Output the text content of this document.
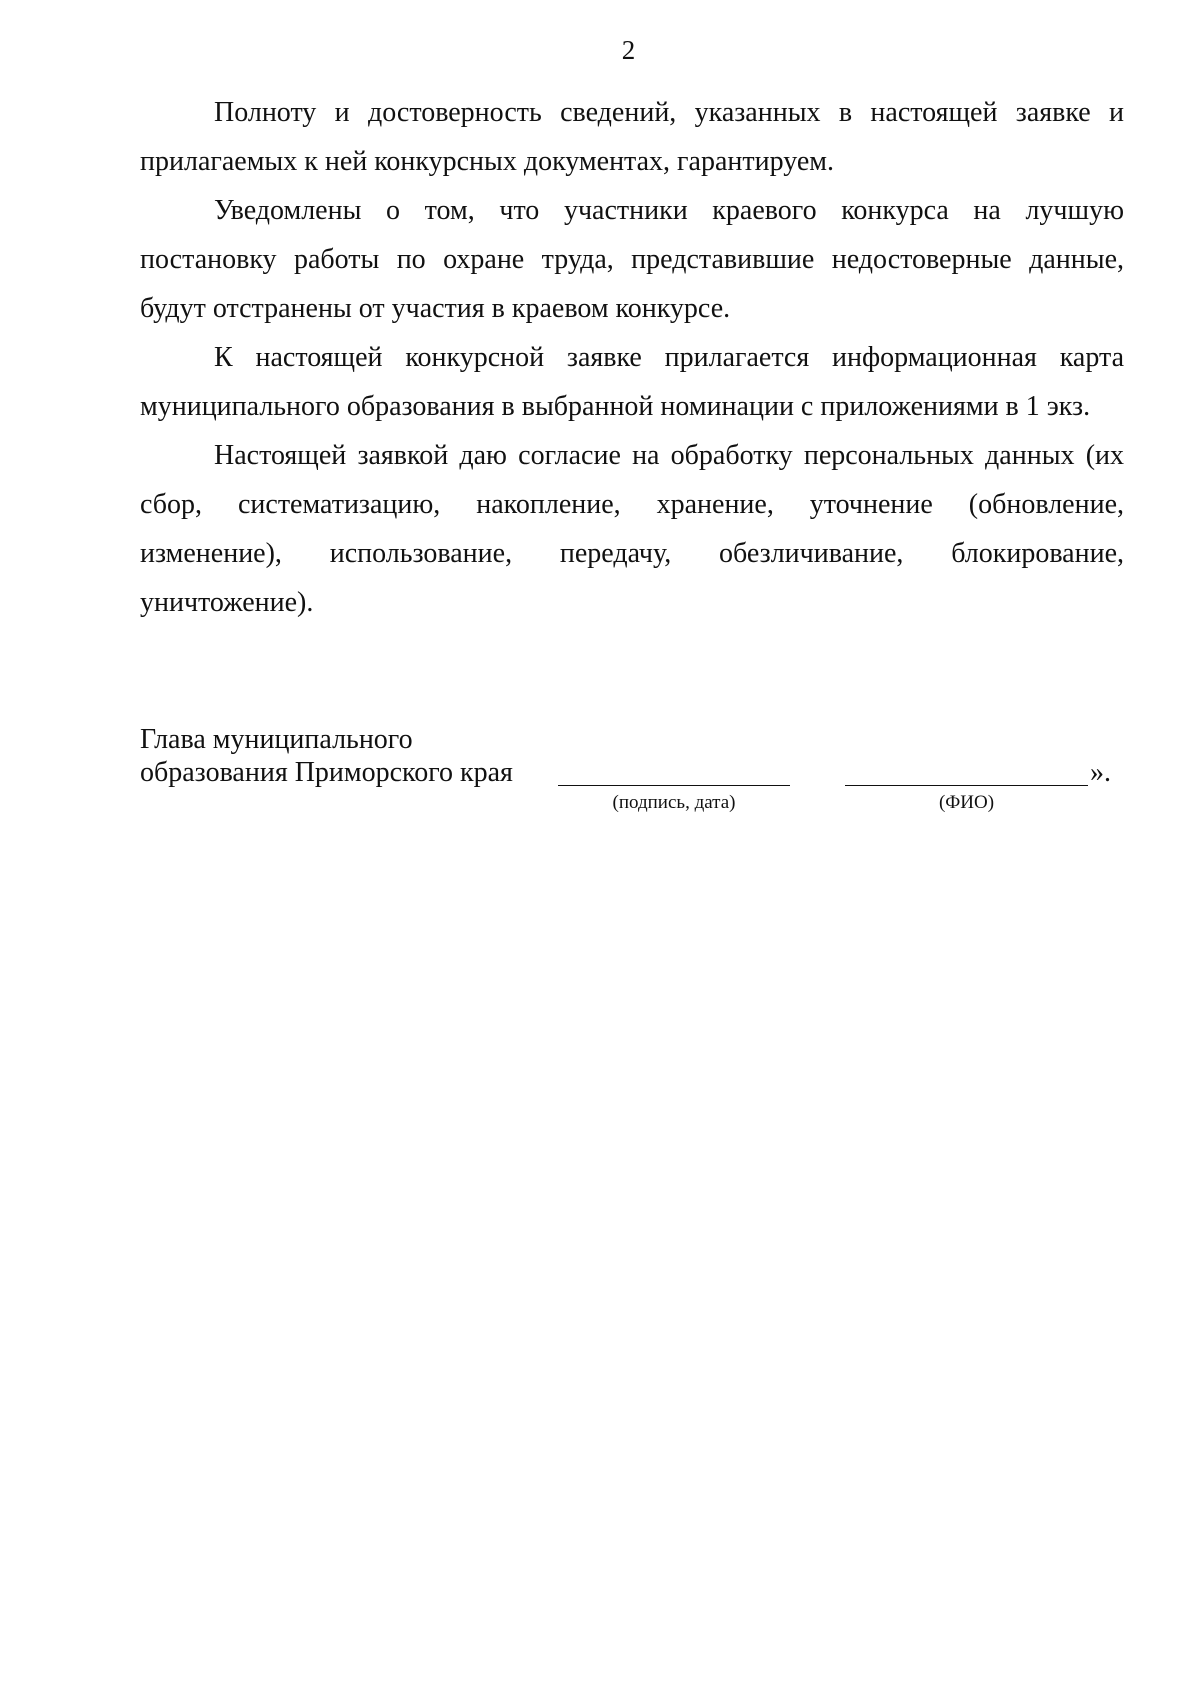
2

Полноту и достоверность сведений, указанных в настоящей заявке и прилагаемых к ней конкурсных документах, гарантируем.

Уведомлены о том, что участники краевого конкурса на лучшую постановку работы по охране труда, представившие недостоверные данные, будут отстранены от участия в краевом конкурсе.

К настоящей конкурсной заявке прилагается информационная карта муниципального образования в выбранной номинации с приложениями в 1 экз.

Настоящей заявкой даю согласие на обработку персональных данных (их сбор, систематизацию, накопление, хранение, уточнение (обновление, изменение), использование, передачу, обезличивание, блокирование, уничтожение).

Глава муниципального
образования Приморского края	».
(подпись, дата)	(ФИО)
